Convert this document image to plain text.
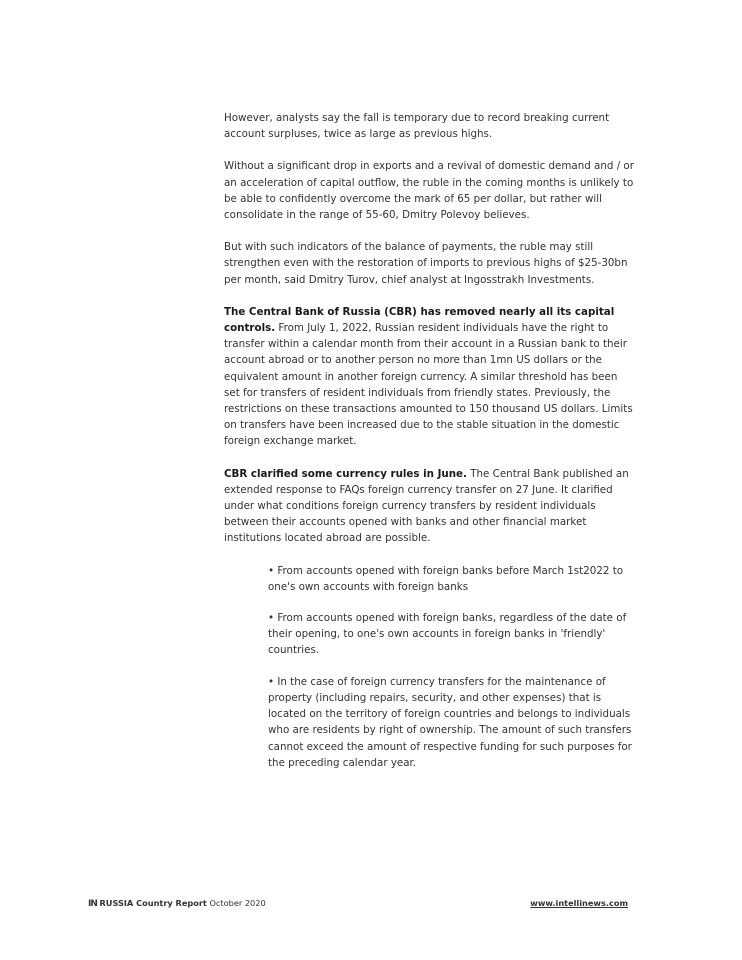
However, analysts say the fall is temporary due to record breaking current account surpluses, twice as large as previous highs.

Without a significant drop in exports and a revival of domestic demand and / or an acceleration of capital outflow, the ruble in the coming months is unlikely to be able to confidently overcome the mark of 65 per dollar, but rather will consolidate in the range of 55-60, Dmitry Polevoy believes.

But with such indicators of the balance of payments, the ruble may still strengthen even with the restoration of imports to previous highs of $25-30bn per month, said Dmitry Turov, chief analyst at Ingosstrakh Investments.

The Central Bank of Russia (CBR) has removed nearly all its capital controls. From July 1, 2022, Russian resident individuals have the right to transfer within a calendar month from their account in a Russian bank to their account abroad or to another person no more than 1mn US dollars or the equivalent amount in another foreign currency. A similar threshold has been set for transfers of resident individuals from friendly states. Previously, the restrictions on these transactions amounted to 150 thousand US dollars. Limits on transfers have been increased due to the stable situation in the domestic foreign exchange market.

CBR clarified some currency rules in June. The Central Bank published an extended response to FAQs foreign currency transfer on 27 June. It clarified under what conditions foreign currency transfers by resident individuals between their accounts opened with banks and other financial market institutions located abroad are possible.

• From accounts opened with foreign banks before March 1st2022 to one's own accounts with foreign banks
• From accounts opened with foreign banks, regardless of the date of their opening, to one's own accounts in foreign banks in 'friendly' countries.
• In the case of foreign currency transfers for the maintenance of property (including repairs, security, and other expenses) that is located on the territory of foreign countries and belongs to individuals who are residents by right of ownership. The amount of such transfers cannot exceed the amount of respective funding for such purposes for the preceding calendar year.
IN RUSSIA Country Report October 2020	www.intellinews.com
